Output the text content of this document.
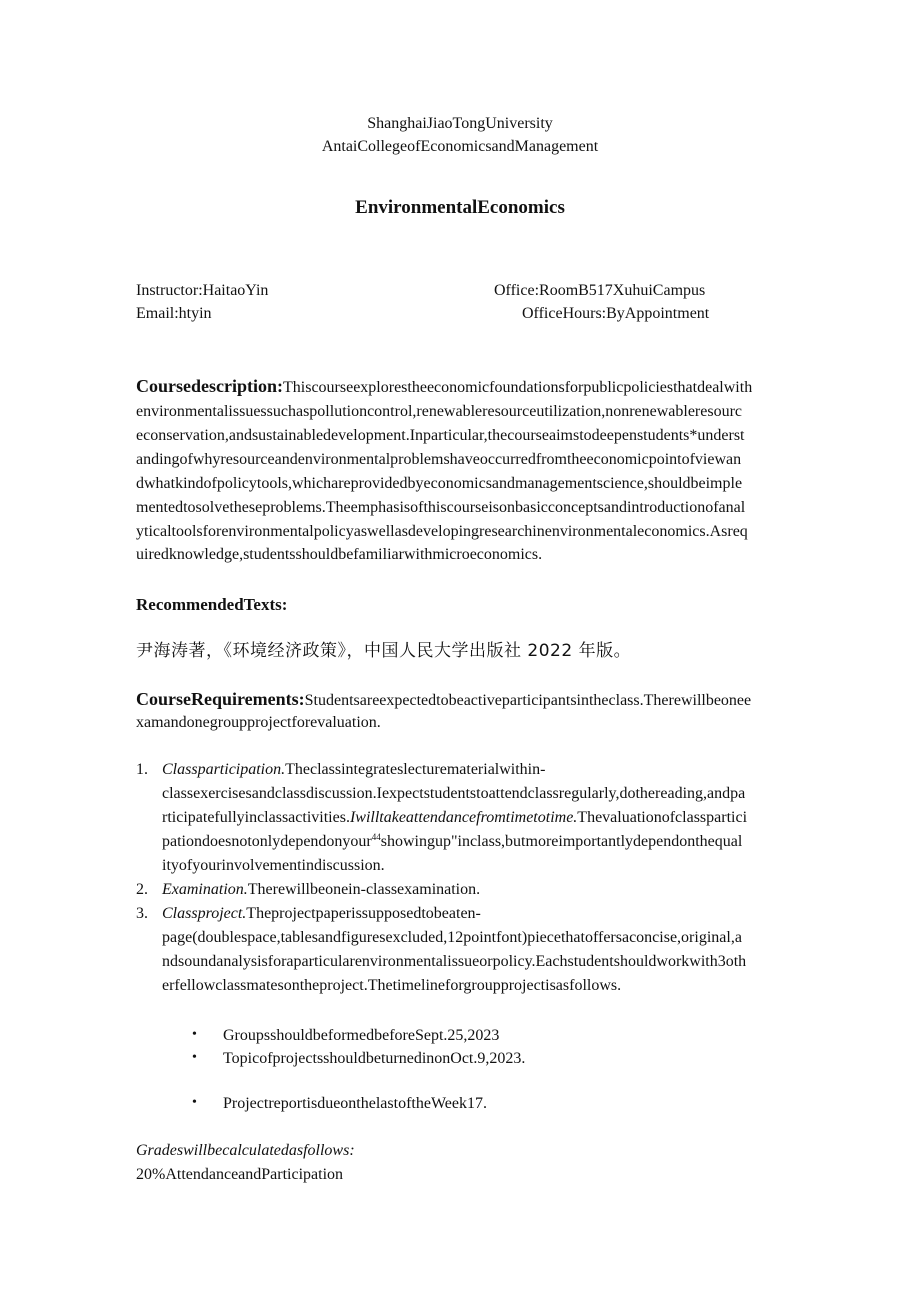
ShanghaiJiaoTongUniversity
AntaiCollegeofEconomicsandManagement
EnvironmentalEconomics
Instructor:HaitaoYin
Email:htyin
Office:RoomB517XuhuiCampus
OfficeHours:ByAppointment
Coursedescription:Thiscourseexplorestheeconomicfoundationsforpublicpoliciesthatdealwith
environmentalissuessuchaspollutioncontrol,renewableresourceutilization,nonrenewableresourc
econservation,andsustainabledevelopment.Inparticular,thecourseaimstodeepenstudents*underst
andingofwhyresourceandenvironmentalproblemshaveoccurredfromtheeconomicpointofviewan
dwhatkindofpolicytools,whichareprovidedbyeconomicsandmanagementscience,shouldbeimple
mentedtosolvetheseproblems.Theemphasisofthiscourseisonbasicconceptsandintroductionofanal
yticaltoolsforenvironmentalpolicyaswellasdevelopingresearchinenvironmentaleconomics.Asreq
uiredknowledge,studentsshouldbefamiliarwithmicroeconomics.
RecommendedTexts:
尹海涛著，《环境经济政策》，中国人民大学出版社 2022 年版。
CourseRequirements:Studentsareexpectedtobeactiveparticipantsintheclass.Therewillbeonee
xamandonegroupprojectforevaluation.
1. Classparticipation.Theclassintegrateslecturematerialwithin-
classexercisesandclassdiscussion.Iexpectstudentstoattendclassregularly,dothereading,andpa
rticipatefullyinclassactivities.Iwilltakeattendancefromtimetotime.Thevaluationofclasspartici
pationdoesnotonlydependonyour$^{44}$showingup"inclass,butmoreimportantlydependonthequal
ityofyourinvolvementindiscussion.
2. Examination.Therewillbeonein-classexamination.
3. Classproject.Theprojectpaperissupposedtobeaten-
page(doublespace,tablesandfiguresexcluded,12pointfont)piecethatoffersaconcise,original,a
ndsoundanalysisforaparticularenvironmentalissueorpolicy.Eachstudentshouldworkwith3oth
erfellowclassmatesontheproject.Thetimelineforgroupprojectisasfollows.
• GroupsshouldbeformedbeforeSept.25,2023
• TopicofprojectsshouldbeturnedinonOct.9,2023.
• ProjectreportisdueonthelastoftheWeek17.
Gradeswillbecalculatedasfollows:
20%AttendanceandParticipation
